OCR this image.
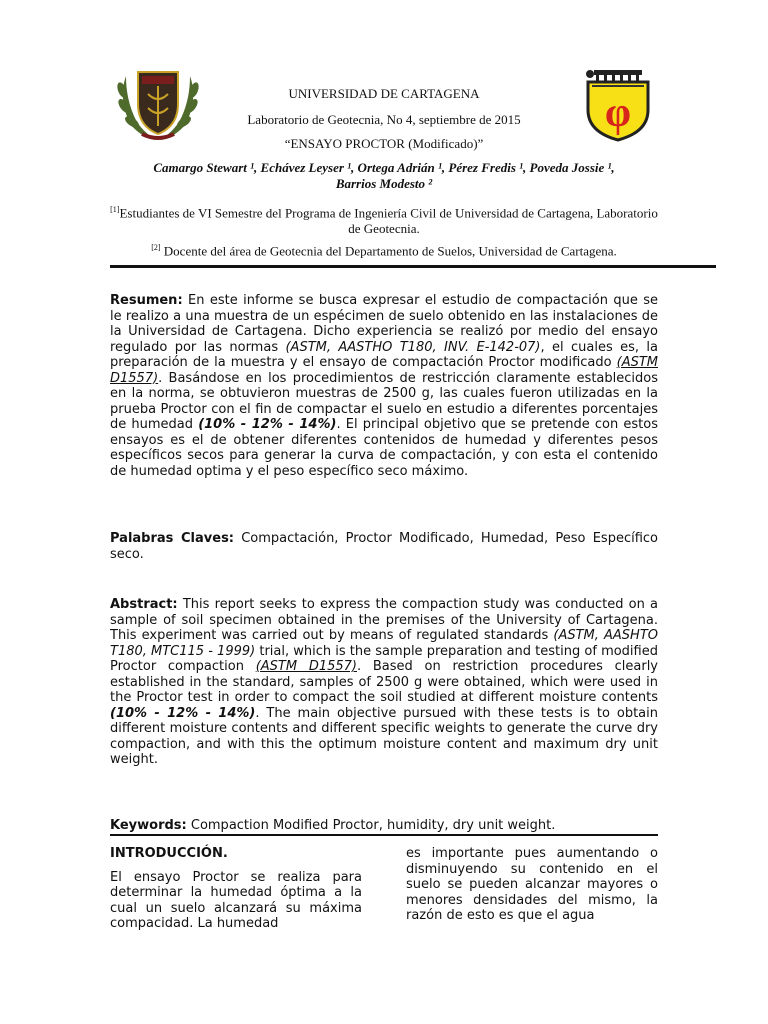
φ
UNIVERSIDAD DE CARTAGENA
Laboratorio de Geotecnia, No 4, septiembre de 2015
“ENSAYO PROCTOR (Modificado)”
Camargo Stewart ¹, Echávez Leyser ¹, Ortega Adrián ¹, Pérez Fredis ¹, Poveda Jossie ¹,
Barrios Modesto ²
[1]Estudiantes de VI Semestre del Programa de Ingeniería Civil de Universidad de Cartagena, Laboratorio de Geotecnia.
[2] Docente del área de Geotecnia del Departamento de Suelos, Universidad de Cartagena.

Resumen: En este informe se busca expresar el estudio de compactación que se le realizo a una muestra de un espécimen de suelo obtenido en las instalaciones de la Universidad de Cartagena. Dicho experiencia se realizó por medio del ensayo regulado por las normas (ASTM, AASTHO T180, INV. E-142-07), el cuales es, la preparación de la muestra y el ensayo de compactación Proctor modificado (ASTM D1557). Basándose en los procedimientos de restricción claramente establecidos en la norma, se obtuvieron muestras de 2500 g, las cuales fueron utilizadas en la prueba Proctor con el fin de compactar el suelo en estudio a diferentes porcentajes de humedad (10% - 12% - 14%). El principal objetivo que se pretende con estos ensayos es el de obtener diferentes contenidos de humedad y diferentes pesos específicos secos para generar la curva de compactación, y con esta el contenido de humedad optima y el peso específico seco máximo.

Palabras Claves: Compactación, Proctor Modificado, Humedad, Peso Específico seco.

Abstract: This report seeks to express the compaction study was conducted on a sample of soil specimen obtained in the premises of the University of Cartagena. This experiment was carried out by means of regulated standards (ASTM, AASHTO T180, MTC115 - 1999) trial, which is the sample preparation and testing of modified Proctor compaction (ASTM D1557). Based on restriction procedures clearly established in the standard, samples of 2500 g were obtained, which were used in the Proctor test in order to compact the soil studied at different moisture contents (10% - 12% - 14%). The main objective pursued with these tests is to obtain different moisture contents and different specific weights to generate the curve dry compaction, and with this the optimum moisture content and maximum dry unit weight.

Keywords: Compaction Modified Proctor, humidity, dry unit weight.

INTRODUCCIÓN.

El ensayo Proctor se realiza para determinar la humedad óptima a la cual un suelo alcanzará su máxima compacidad. La humedad

es importante pues aumentando o disminuyendo su contenido en el suelo se pueden alcanzar mayores o menores densidades del mismo, la razón de esto es que el agua
